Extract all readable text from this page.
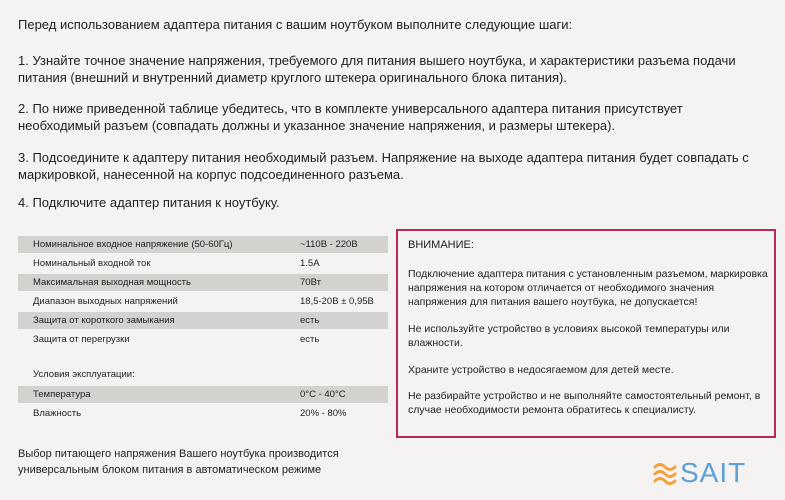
Перед использованием адаптера питания с вашим ноутбуком выполните следующие шаги:

1. Узнайте точное значение напряжения, требуемого для питания вышего ноутбука, и характеристики разъема подачи питания (внешний и внутренний диаметр круглого штекера оригинального блока питания).

2. По ниже приведенной таблице убедитесь, что в комплекте универсального адаптера питания присутствует необходимый разъем (совпадать должны и указанное значение напряжения, и размеры штекера).

3. Подсоедините к адаптеру питания необходимый разъем. Напряжение на выходе адаптера питания будет совпадать с маркировкой, нанесенной на корпус подсоединенного разъема.

4. Подключите адаптер питания к ноутбуку.

Номинальное входное напряжение (50-60Гц)	~110В - 220В
Номинальный входной ток	1.5A
Максимальная выходная мощность	70Вт
Диапазон выходных напряжений	18,5-20В ± 0,95В
Защита от короткого замыкания	есть
Защита от перегрузки	есть
Условия эксплуатации:
Температура	0°C - 40°C
Влажность	20% - 80%

Выбор питающего напряжения Вашего ноутбука производится универсальным блоком питания в автоматическом режиме

ВНИМАНИЕ:

Подключение адаптера питания с установленным разъемом, маркировка напряжения на котором отличается от необходимого значения напряжения для питания вашего ноутбука, не допускается!

Не используйте устройство в условиях высокой температуры или влажности.

Храните устройство в недосягаемом для детей месте.

Не разбирайте устройство и не выполняйте самостоятельный ремонт, в случае необходимости ремонта обратитесь к специалисту.

SAIT
